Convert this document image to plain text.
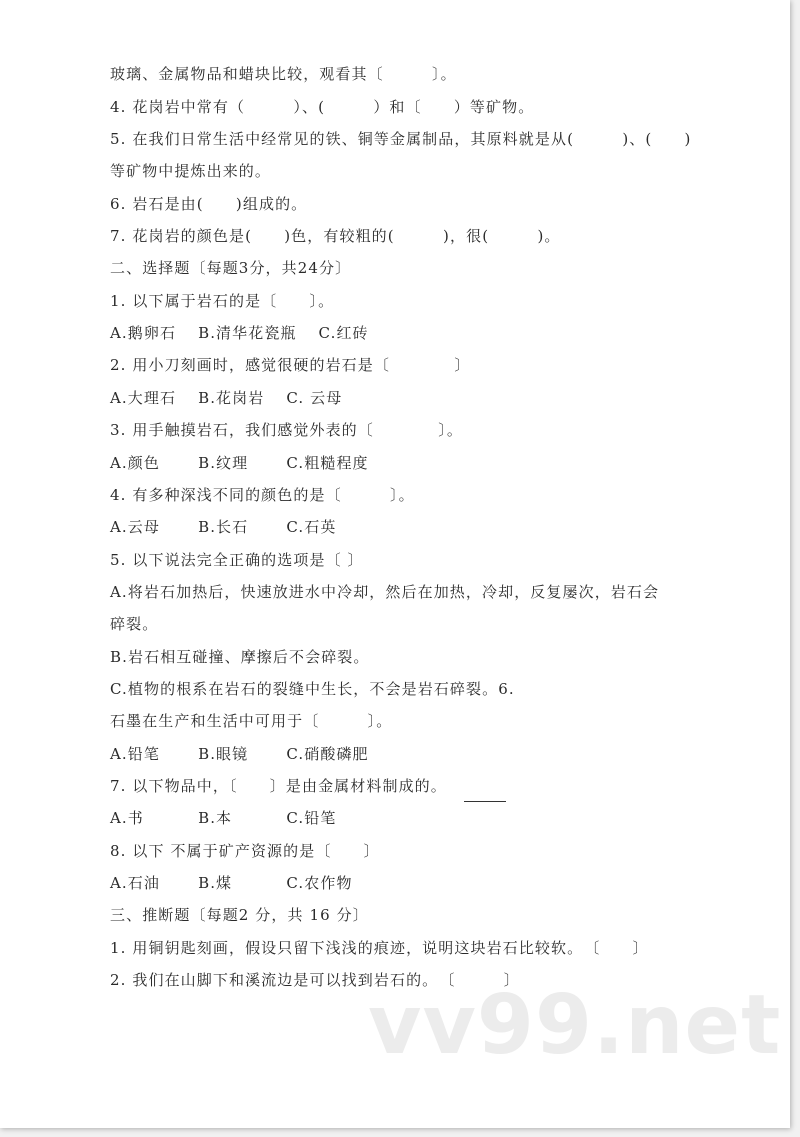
玻璃、金属物品和蜡块比较，观看其〔　　　〕。
4. 花岗岩中常有（　　　）、(　　　）和〔　　）等矿物。
5. 在我们日常生活中经常见的铁、铜等金属制品，其原料就是从(　　　)、(　　)
等矿物中提炼出来的。
6. 岩石是由(　　)组成的。
7. 花岗岩的颜色是(　　)色，有较粗的(　　　)，很(　　　)。
二、选择题〔每题3分，共24分〕
1. 以下属于岩石的是〔　　〕。
A.鹅卵石　 B.清华花瓷瓶　 C.红砖
2. 用小刀刻画时，感觉很硬的岩石是〔　　　　〕
A.大理石　 B.花岗岩　 C. 云母
3. 用手触摸岩石，我们感觉外表的〔　　　　〕。
A.颜色　　 B.纹理　　 C.粗糙程度
4. 有多种深浅不同的颜色的是〔　　　〕。
A.云母　　 B.长石　　 C.石英
5. 以下说法完全正确的选项是〔 〕
A.将岩石加热后，快速放进水中冷却，然后在加热，冷却，反复屡次，岩石会
碎裂。
B.岩石相互碰撞、摩擦后不会碎裂。
C.植物的根系在岩石的裂缝中生长，不会是岩石碎裂。6.
石墨在生产和生活中可用于〔　　　〕。
A.铅笔　　 B.眼镜　　 C.硝酸磷肥
7. 以下物品中，〔　　〕是由金属材料制成的。
A.书　　　 B.本　　　 C.铅笔
8. 以下 不属于矿产资源的是〔　　〕
A.石油　　 B.煤　　　 C.农作物
三、推断题〔每题2 分，共 16 分〕
1. 用铜钥匙刻画，假设只留下浅浅的痕迹，说明这块岩石比较软。　〔　　〕
2. 我们在山脚下和溪流边是可以找到岩石的。　〔　　　〕
vv99.net
